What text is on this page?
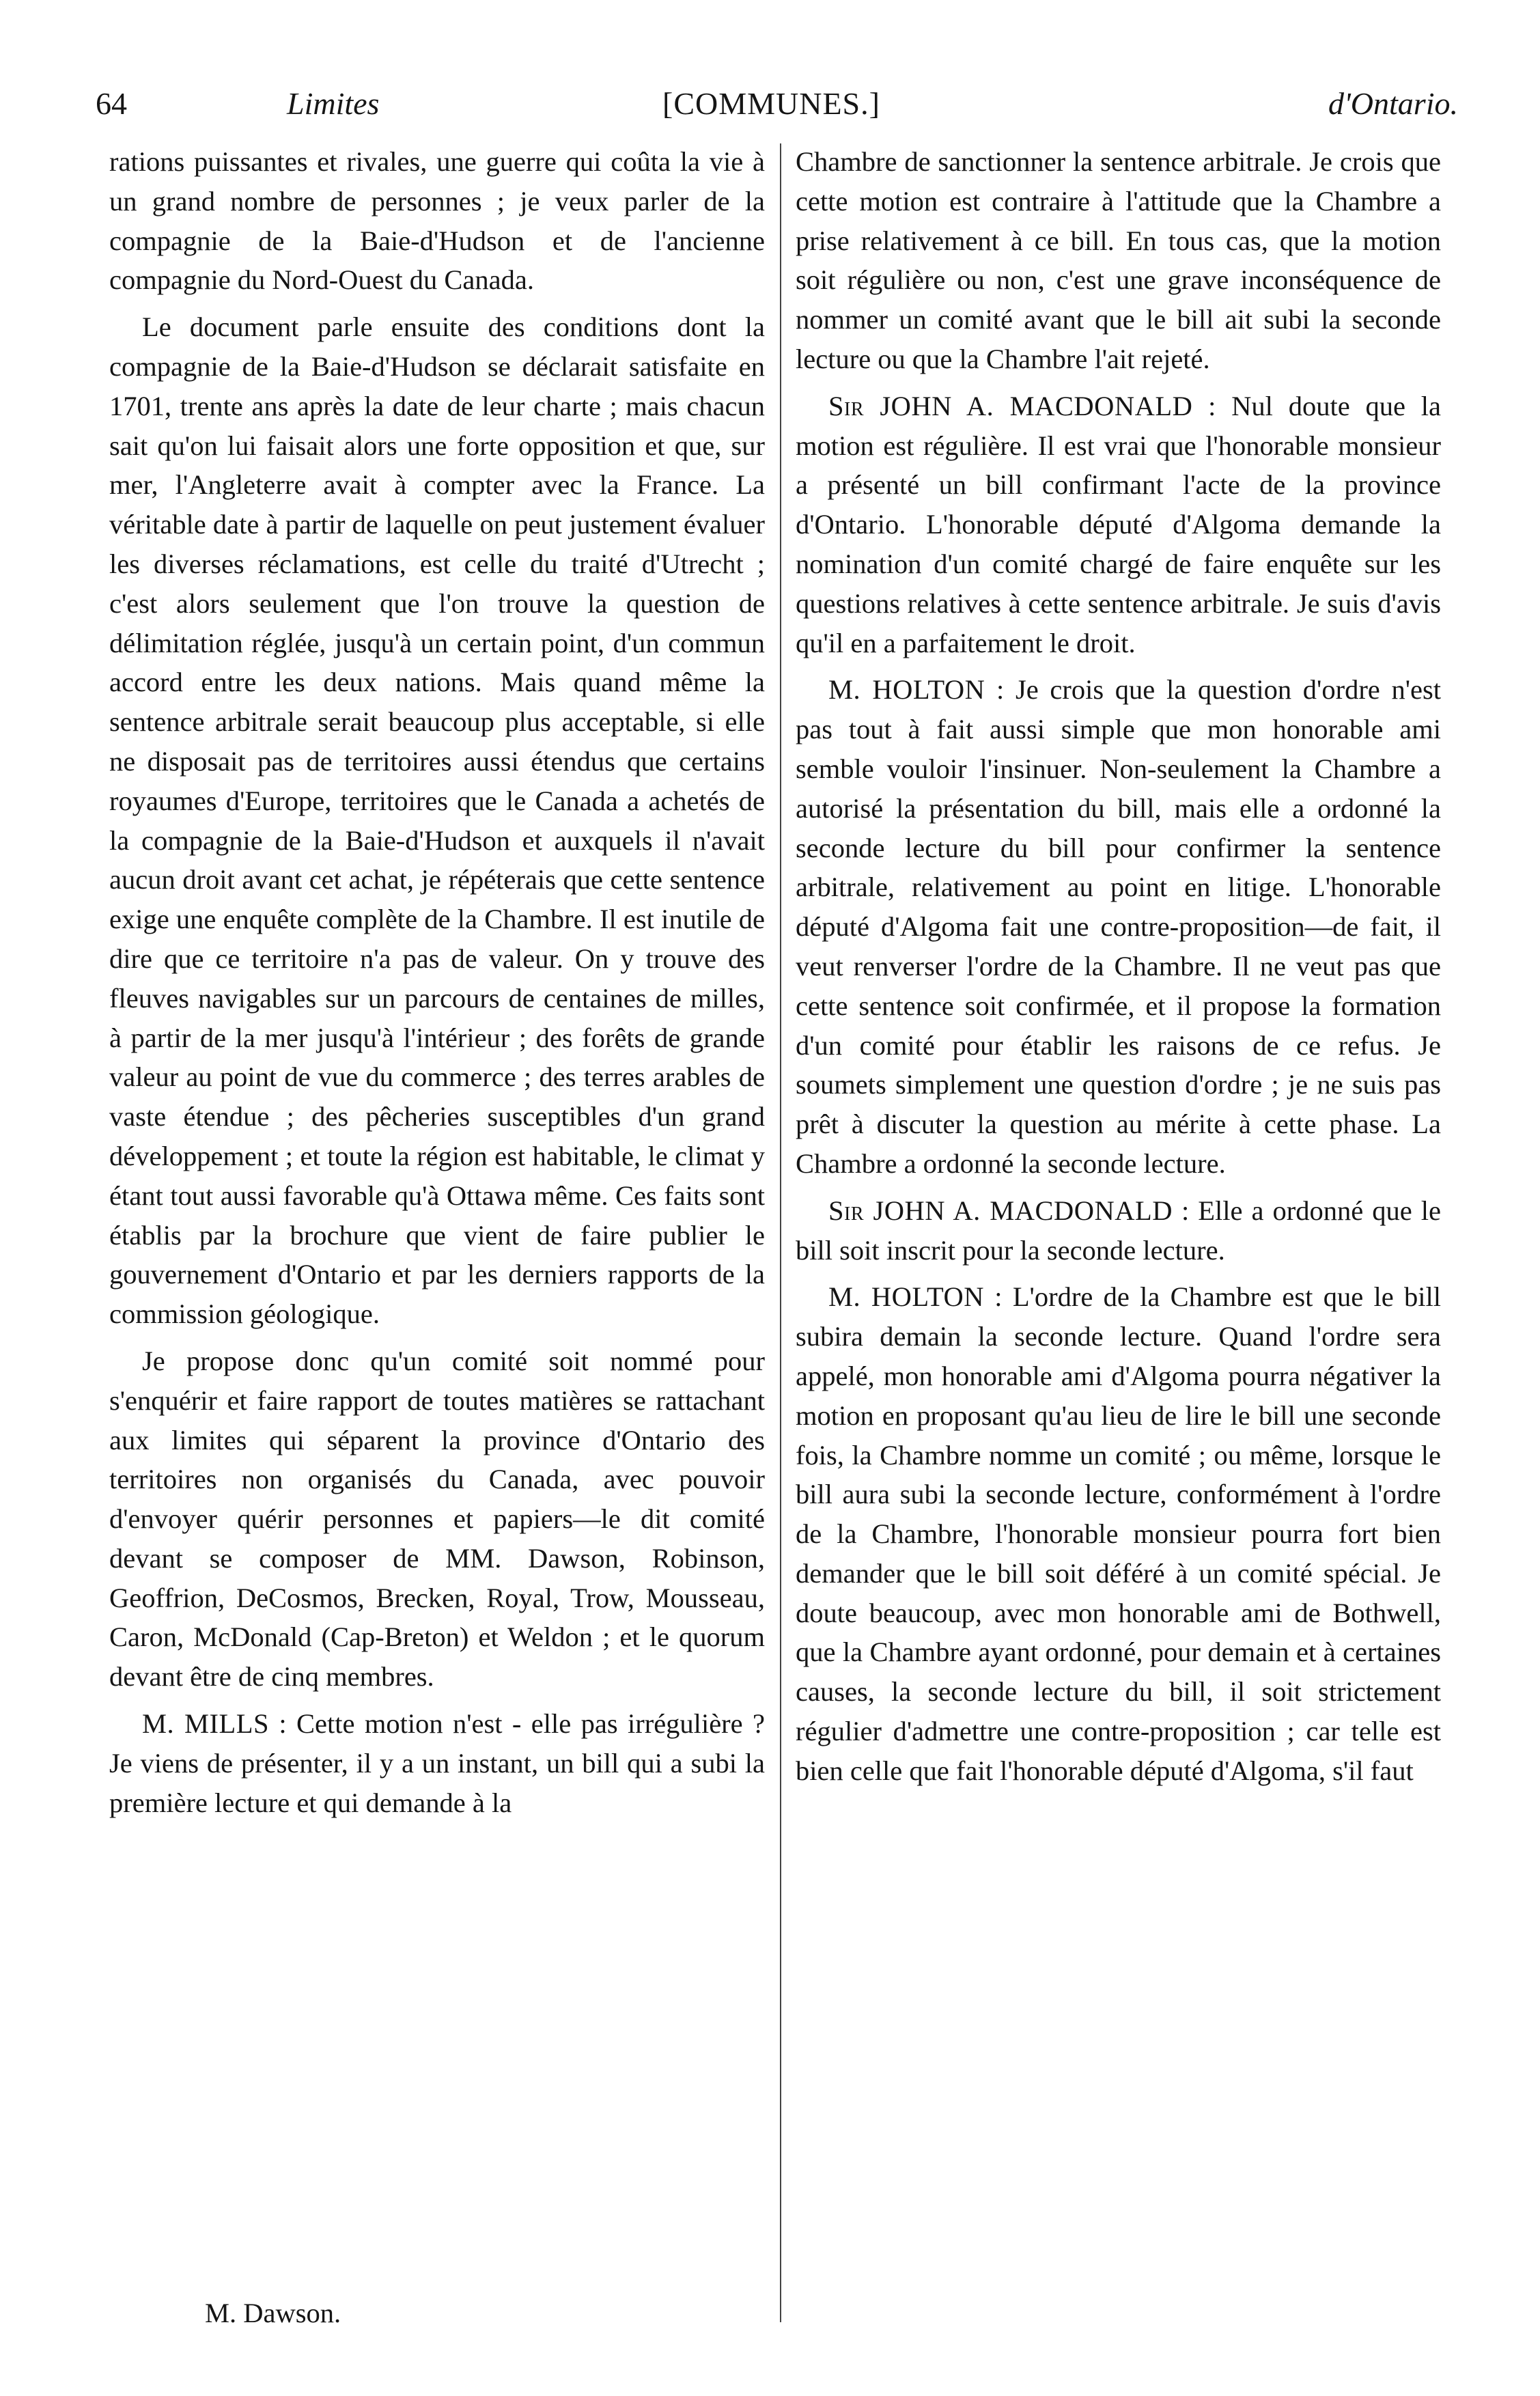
64	Limites	[COMMUNES.]	d'Ontario.

rations puissantes et rivales, une guerre qui coûta la vie à un grand nombre de personnes ; je veux parler de la compagnie de la Baie-d'Hudson et de l'ancienne compagnie du Nord-Ouest du Canada.

Le document parle ensuite des conditions dont la compagnie de la Baie-d'Hudson se déclarait satisfaite en 1701, trente ans après la date de leur charte ; mais chacun sait qu'on lui faisait alors une forte opposition et que, sur mer, l'Angleterre avait à compter avec la France. La véritable date à partir de laquelle on peut justement évaluer les diverses réclamations, est celle du traité d'Utrecht ; c'est alors seulement que l'on trouve la question de délimitation réglée, jusqu'à un certain point, d'un commun accord entre les deux nations. Mais quand même la sentence arbitrale serait beaucoup plus acceptable, si elle ne disposait pas de territoires aussi étendus que certains royaumes d'Europe, territoires que le Canada a achetés de la compagnie de la Baie-d'Hudson et auxquels il n'avait aucun droit avant cet achat, je répéterais que cette sentence exige une enquête complète de la Chambre. Il est inutile de dire que ce territoire n'a pas de valeur. On y trouve des fleuves navigables sur un parcours de centaines de milles, à partir de la mer jusqu'à l'intérieur ; des forêts de grande valeur au point de vue du commerce ; des terres arables de vaste étendue ; des pêcheries susceptibles d'un grand développement ; et toute la région est habitable, le climat y étant tout aussi favorable qu'à Ottawa même. Ces faits sont établis par la brochure que vient de faire publier le gouvernement d'Ontario et par les derniers rapports de la commission géologique.

Je propose donc qu'un comité soit nommé pour s'enquérir et faire rapport de toutes matières se rattachant aux limites qui séparent la province d'Ontario des territoires non organisés du Canada, avec pouvoir d'envoyer quérir personnes et papiers—le dit comité devant se composer de MM. Dawson, Robinson, Geoffrion, DeCosmos, Brecken, Royal, Trow, Mousseau, Caron, McDonald (Cap-Breton) et Weldon ; et le quorum devant être de cinq membres.

M. MILLS : Cette motion n'est - elle pas irrégulière ? Je viens de présenter, il y a un instant, un bill qui a subi la première lecture et qui demande à la

Chambre de sanctionner la sentence arbitrale. Je crois que cette motion est contraire à l'attitude que la Chambre a prise relativement à ce bill. En tous cas, que la motion soit régulière ou non, c'est une grave inconséquence de nommer un comité avant que le bill ait subi la seconde lecture ou que la Chambre l'ait rejeté.

Sir JOHN A. MACDONALD : Nul doute que la motion est régulière. Il est vrai que l'honorable monsieur a présenté un bill confirmant l'acte de la province d'Ontario. L'honorable député d'Algoma demande la nomination d'un comité chargé de faire enquête sur les questions relatives à cette sentence arbitrale. Je suis d'avis qu'il en a parfaitement le droit.

M. HOLTON : Je crois que la question d'ordre n'est pas tout à fait aussi simple que mon honorable ami semble vouloir l'insinuer. Non-seulement la Chambre a autorisé la présentation du bill, mais elle a ordonné la seconde lecture du bill pour confirmer la sentence arbitrale, relativement au point en litige. L'honorable député d'Algoma fait une contre-proposition—de fait, il veut renverser l'ordre de la Chambre. Il ne veut pas que cette sentence soit confirmée, et il propose la formation d'un comité pour établir les raisons de ce refus. Je soumets simplement une question d'ordre ; je ne suis pas prêt à discuter la question au mérite à cette phase. La Chambre a ordonné la seconde lecture.

Sir JOHN A. MACDONALD : Elle a ordonné que le bill soit inscrit pour la seconde lecture.

M. HOLTON : L'ordre de la Chambre est que le bill subira demain la seconde lecture. Quand l'ordre sera appelé, mon honorable ami d'Algoma pourra négativer la motion en proposant qu'au lieu de lire le bill une seconde fois, la Chambre nomme un comité ; ou même, lorsque le bill aura subi la seconde lecture, conformément à l'ordre de la Chambre, l'honorable monsieur pourra fort bien demander que le bill soit déféré à un comité spécial. Je doute beaucoup, avec mon honorable ami de Bothwell, que la Chambre ayant ordonné, pour demain et à certaines causes, la seconde lecture du bill, il soit strictement régulier d'admettre une contre-proposition ; car telle est bien celle que fait l'honorable député d'Algoma, s'il faut

M. Dawson.
